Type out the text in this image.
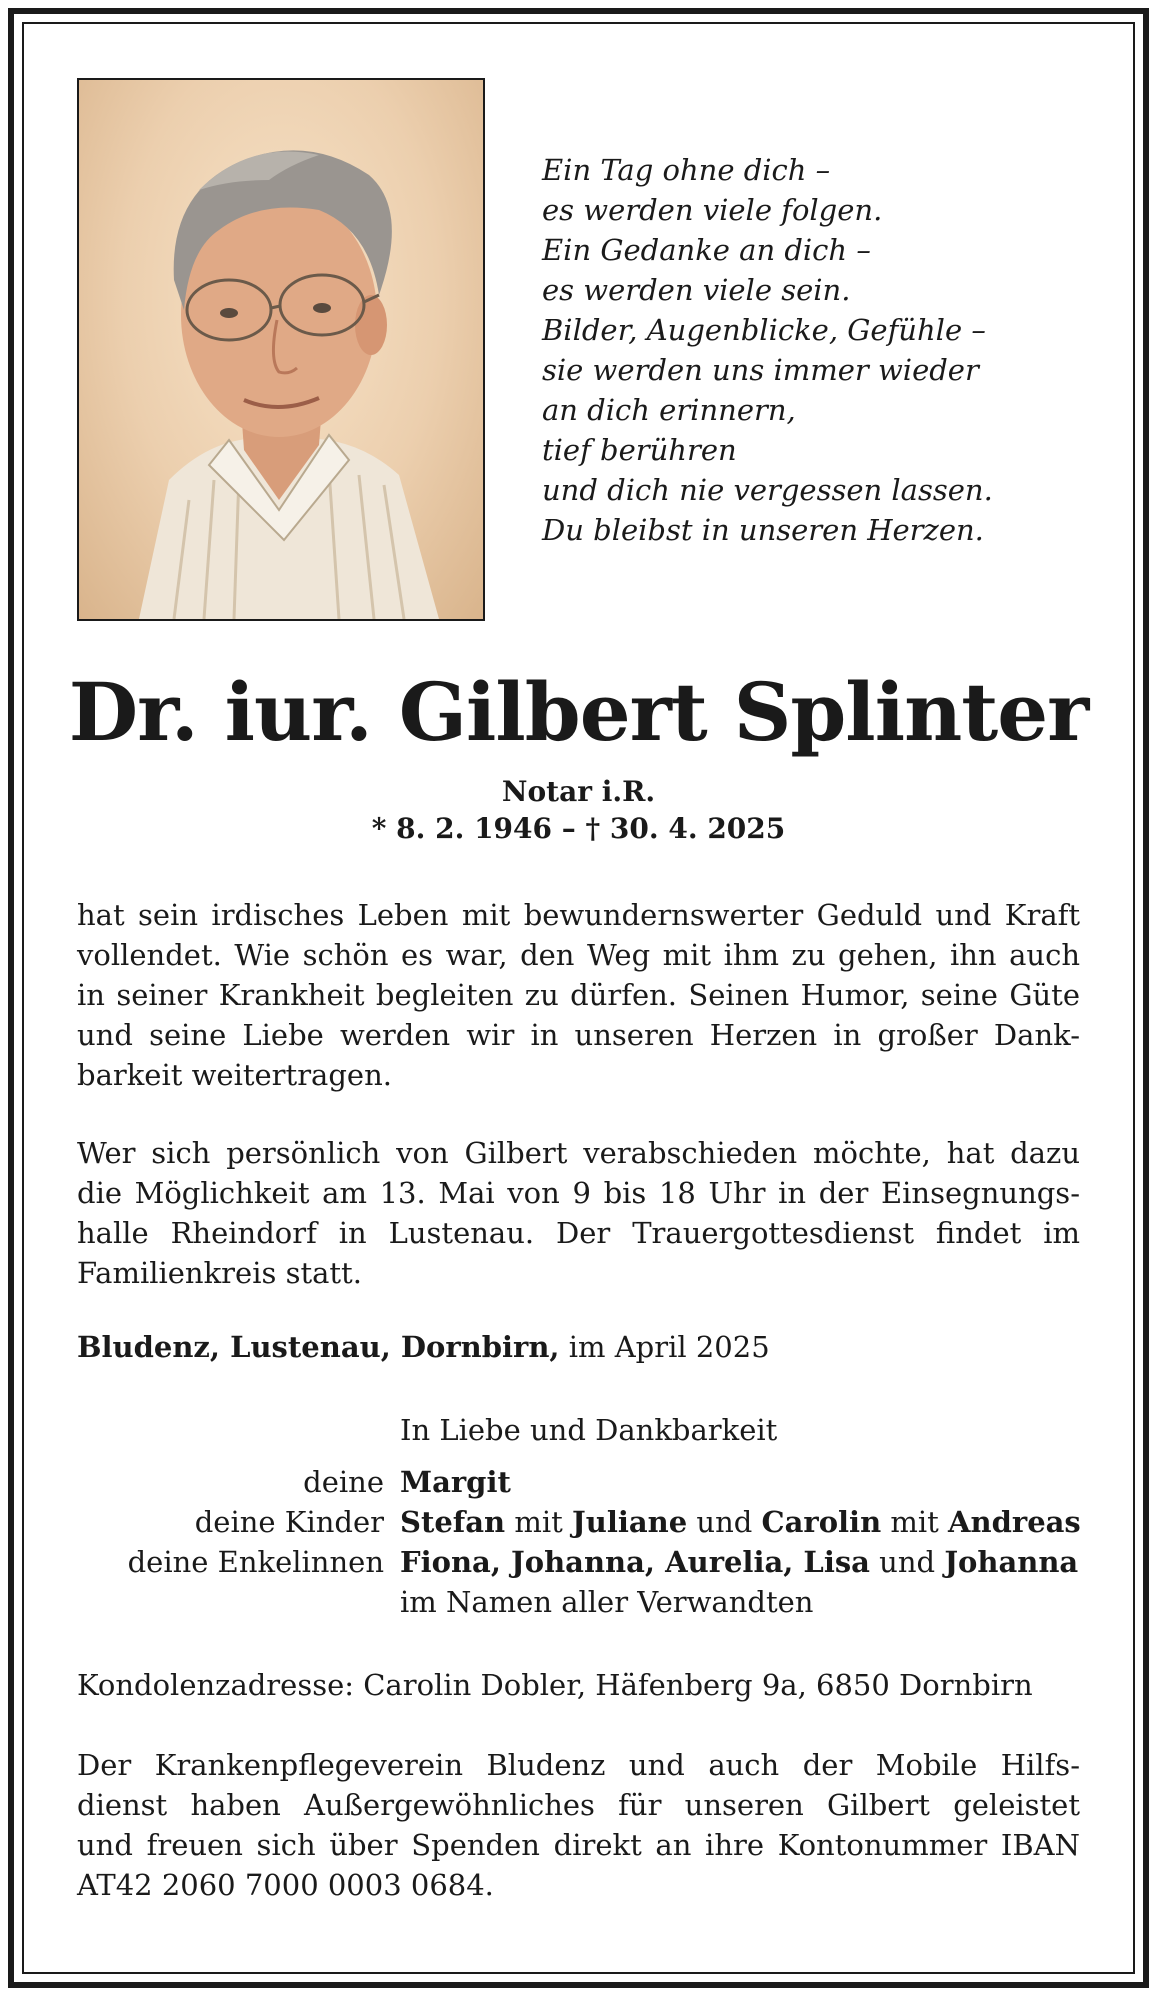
Ein Tag ohne dich –
es werden viele folgen.
Ein Gedanke an dich –
es werden viele sein.
Bilder, Augenblicke, Gefühle –
sie werden uns immer wieder
an dich erinnern,
tief berühren
und dich nie vergessen lassen.
Du bleibst in unseren Herzen.
Dr. iur. Gilbert Splinter
Notar i.R.
* 8. 2. 1946 – † 30. 4. 2025
hat sein irdisches Leben mit bewundernswerter Geduld und Kraft
vollendet. Wie schön es war, den Weg mit ihm zu gehen, ihn auch
in seiner Krankheit begleiten zu dürfen. Seinen Humor, seine Güte
und seine Liebe werden wir in unseren Herzen in großer Dank-
barkeit weitertragen.
Wer sich persönlich von Gilbert verabschieden möchte, hat dazu
die Möglichkeit am 13. Mai von 9 bis 18 Uhr in der Einsegnungs-
halle Rheindorf in Lustenau. Der Trauergottesdienst findet im
Familienkreis statt.
Bludenz, Lustenau, Dornbirn, im April 2025
In Liebe und Dankbarkeit
deine Margit
deine Kinder Stefan mit Juliane und Carolin mit Andreas
deine Enkelinnen Fiona, Johanna, Aurelia, Lisa und Johanna
im Namen aller Verwandten
Kondolenzadresse: Carolin Dobler, Häfenberg 9a, 6850 Dornbirn
Der Krankenpflegeverein Bludenz und auch der Mobile Hilfs-
dienst haben Außergewöhnliches für unseren Gilbert geleistet
und freuen sich über Spenden direkt an ihre Kontonummer IBAN
AT42 2060 7000 0003 0684.
